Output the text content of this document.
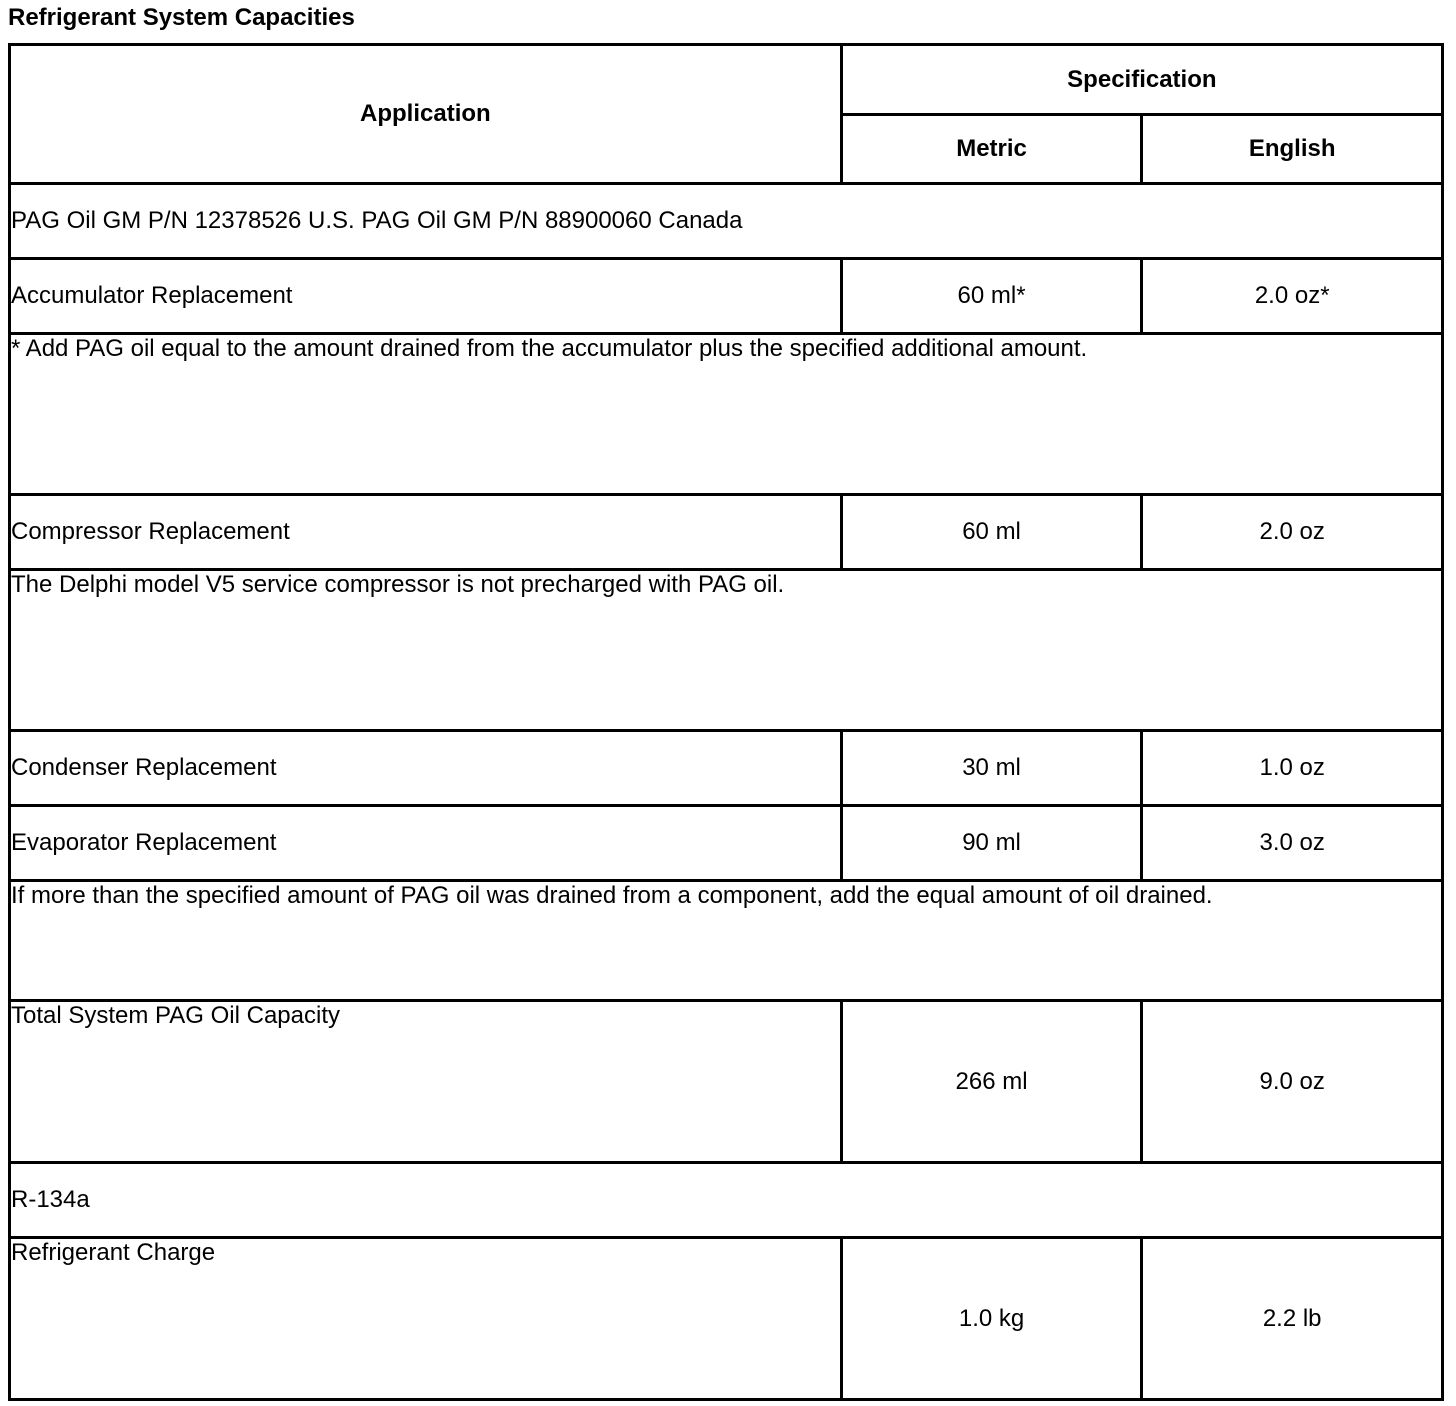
Refrigerant System Capacities
Application	Specification	
	Metric	English
PAG Oil GM P/N 12378526 U.S. PAG Oil GM P/N 88900060 Canada		
Accumulator Replacement	60 ml*	2.0 oz*
* Add PAG oil equal to the amount drained from the accumulator plus the specified additional amount.		
Compressor Replacement	60 ml	2.0 oz
The Delphi model V5 service compressor is not precharged with PAG oil.		
Condenser Replacement	30 ml	1.0 oz
Evaporator Replacement	90 ml	3.0 oz
If more than the specified amount of PAG oil was drained from a component, add the equal amount of oil drained.		
Total System PAG Oil Capacity	266 ml	9.0 oz
R-134a		
Refrigerant Charge	1.0 kg	2.2 lb
